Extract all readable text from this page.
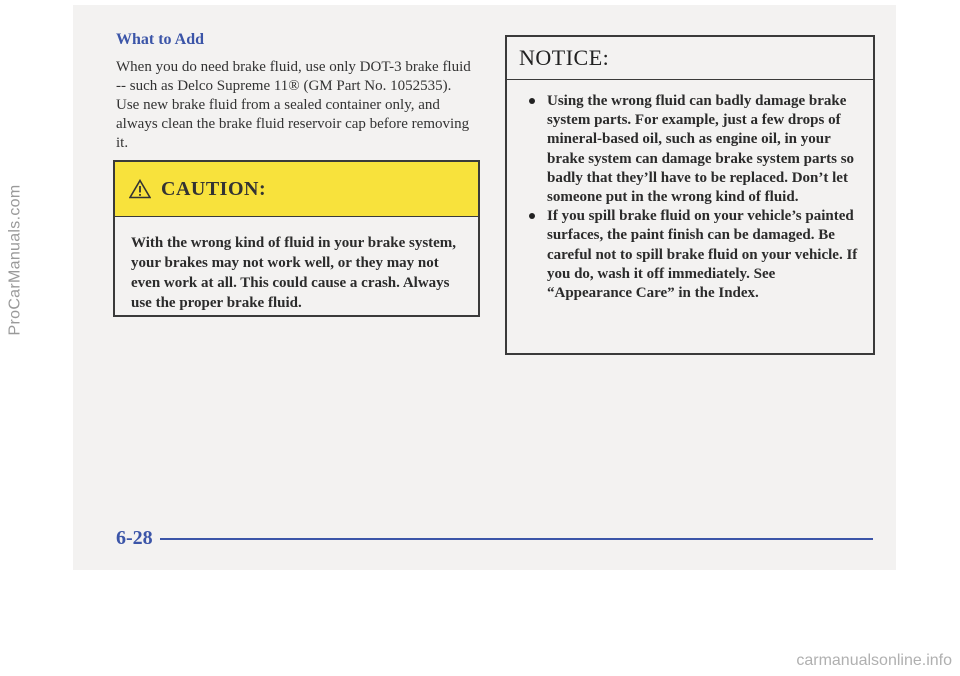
ProCarManuals.com
What to Add
When you do need brake fluid, use only DOT-3 brake fluid -- such as Delco Supreme 11® (GM Part No. 1052535). Use new brake fluid from a sealed container only, and always clean the brake fluid reservoir cap before removing it.
CAUTION:
With the wrong kind of fluid in your brake system, your brakes may not work well, or they may not even work at all. This could cause a crash. Always use the proper brake fluid.
NOTICE:
Using the wrong fluid can badly damage brake system parts. For example, just a few drops of mineral-based oil, such as engine oil, in your brake system can damage brake system parts so badly that they’ll have to be replaced. Don’t let someone put in the wrong kind of fluid.
If you spill brake fluid on your vehicle’s painted surfaces, the paint finish can be damaged. Be careful not to spill brake fluid on your vehicle. If you do, wash it off immediately. See “Appearance Care” in the Index.
6-28
carmanualsonline.info
